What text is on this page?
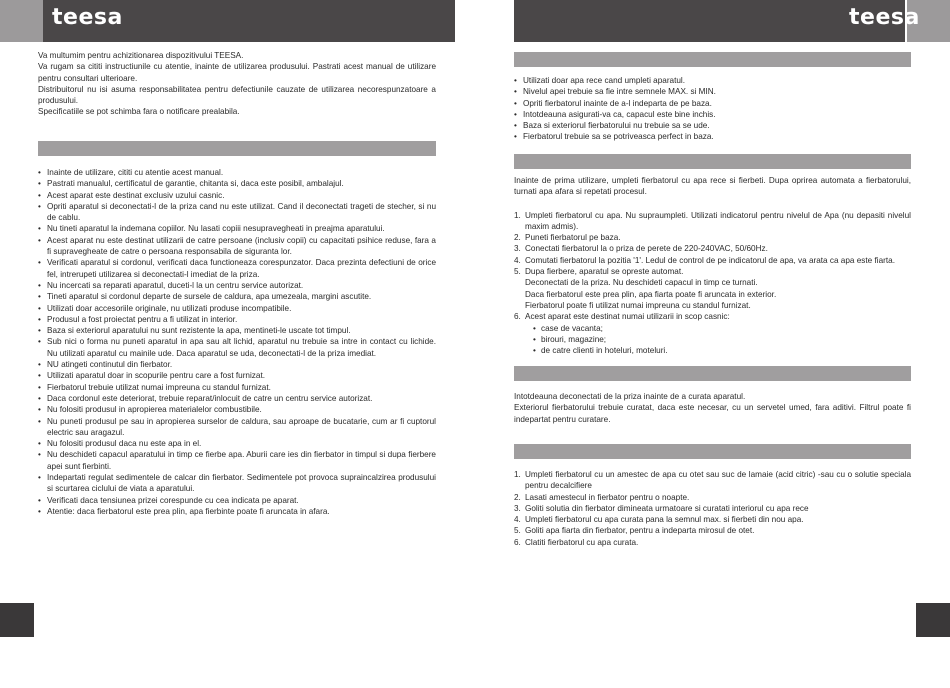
teesa	teesa

Va multumim pentru achizitionarea dispozitivului TEESA.

Va rugam sa cititi instructiunile cu atentie, inainte de utilizarea produsului. Pastrati acest manual de utilizare pentru consultari ulterioare.

Distribuitorul nu isi asuma responsabilitatea pentru defectiunile cauzate de utilizarea necorespunzatoare a produsului.

Specificatiile se pot schimba fara o notificare prealabila.

• Inainte de utilizare, cititi cu atentie acest manual.
• Pastrati manualul, certificatul de garantie, chitanta si, daca este posibil, ambalajul.
• Acest aparat este destinat exclusiv uzului casnic.
• Opriti aparatul si deconectati-l de la priza cand nu este utilizat. Cand il deconectati trageti de stecher, si nu de cablu.
• Nu tineti aparatul la indemana copiilor. Nu lasati copiii nesupravegheati in preajma aparatului.
• Acest aparat nu este destinat utilizarii de catre persoane (inclusiv copii) cu capacitati psihice reduse, fara a fi supravegheate de catre o persoana responsabila de siguranta lor.
• Verificati aparatul si cordonul, verificati daca functioneaza corespunzator. Daca prezinta defectiuni de orice fel, intrerupeti utilizarea si deconectati-l imediat de la priza.
• Nu incercati sa reparati aparatul, duceti-l la un centru service autorizat.
• Tineti aparatul si cordonul departe de sursele de caldura, apa umezeala, margini ascutite.
• Utilizati doar accesoriile originale, nu utilizati produse incompatibile.
• Produsul a fost proiectat pentru a fi utilizat in interior.
• Baza si exteriorul aparatului nu sunt rezistente la apa, mentineti-le uscate tot timpul.
• Sub nici o forma nu puneti aparatul in apa sau alt lichid, aparatul nu trebuie sa intre in contact cu lichide. Nu utilizati aparatul cu mainile ude. Daca aparatul se uda, deconectati-l de la priza imediat.
• NU atingeti continutul din fierbator.
• Utilizati aparatul doar in scopurile pentru care a fost furnizat.
• Fierbatorul trebuie utilizat numai impreuna cu standul furnizat.
• Daca cordonul este deteriorat, trebuie reparat/inlocuit de catre un centru service autorizat.
• Nu folositi produsul in apropierea materialelor combustibile.
• Nu puneti produsul pe sau in apropierea surselor de caldura, sau aproape de bucatarie, cum ar fi cuptorul electric sau aragazul.
• Nu folositi produsul daca nu este apa in el.
• Nu deschideti capacul aparatului in timp ce fierbe apa. Aburii care ies din fierbator in timpul si dupa fierbere apei sunt fierbinti.
• Indepartati regulat sedimentele de calcar din fierbator. Sedimentele pot provoca supraincalzirea produsului si scurtarea ciclului de viata a aparatului.
• Verificati daca tensiunea prizei corespunde cu cea indicata pe aparat.
• Atentie: daca fierbatorul este prea plin, apa fierbinte poate fi aruncata in afara.
• Utilizati doar apa rece cand umpleti aparatul.
• Nivelul apei trebuie sa fie intre semnele MAX. si MIN.
• Opriti fierbatorul inainte de a-l indeparta de pe baza.
• Intotdeauna asigurati-va ca, capacul este bine inchis.
• Baza si exteriorul fierbatorului nu trebuie sa se ude.
• Fierbatorul trebuie sa se potriveasca perfect in baza.

Inainte de prima utilizare, umpleti fierbatorul cu apa rece si fierbeti. Dupa oprirea automata a fierbatorului, turnati apa afara si repetati procesul.

1. Umpleti fierbatorul cu apa. Nu supraumpleti. Utilizati indicatorul pentru nivelul de Apa (nu depasiti nivelul maxim admis).
2. Puneti fierbatorul pe baza.
3. Conectati fierbatorul la o priza de perete de 220-240VAC, 50/60Hz.
4. Comutati fierbatorul la pozitia '1'. Ledul de control de pe indicatorul de apa, va arata ca apa este fiarta.
5. Dupa fierbere, aparatul se opreste automat.
Deconectati de la priza. Nu deschideti capacul in timp ce turnati.
Daca fierbatorul este prea plin, apa fiarta poate fi aruncata in exterior.
Fierbatorul poate fi utilizat numai impreuna cu standul furnizat.
6. Acest aparat este destinat numai utilizarii in scop casnic:
• case de vacanta;
• birouri, magazine;
• de catre clienti in hoteluri, moteluri.

Intotdeauna deconectati de la priza inainte de a curata aparatul.

Exteriorul fierbatorului trebuie curatat, daca este necesar, cu un servetel umed, fara aditivi. Filtrul poate fi indepartat pentru curatare.

1. Umpleti fierbatorul cu un amestec de apa cu otet sau suc de lamaie (acid citric) -sau cu o solutie speciala pentru decalcifiere
2. Lasati amestecul in fierbator pentru o noapte.
3. Goliti solutia din fierbator dimineata urmatoare si curatati interiorul cu apa rece
4. Umpleti fierbatorul cu apa curata pana la semnul max. si fierbeti din nou apa.
5. Goliti apa fiarta din fierbator, pentru a indeparta mirosul de otet.
6. Clatiti fierbatorul cu apa curata.
